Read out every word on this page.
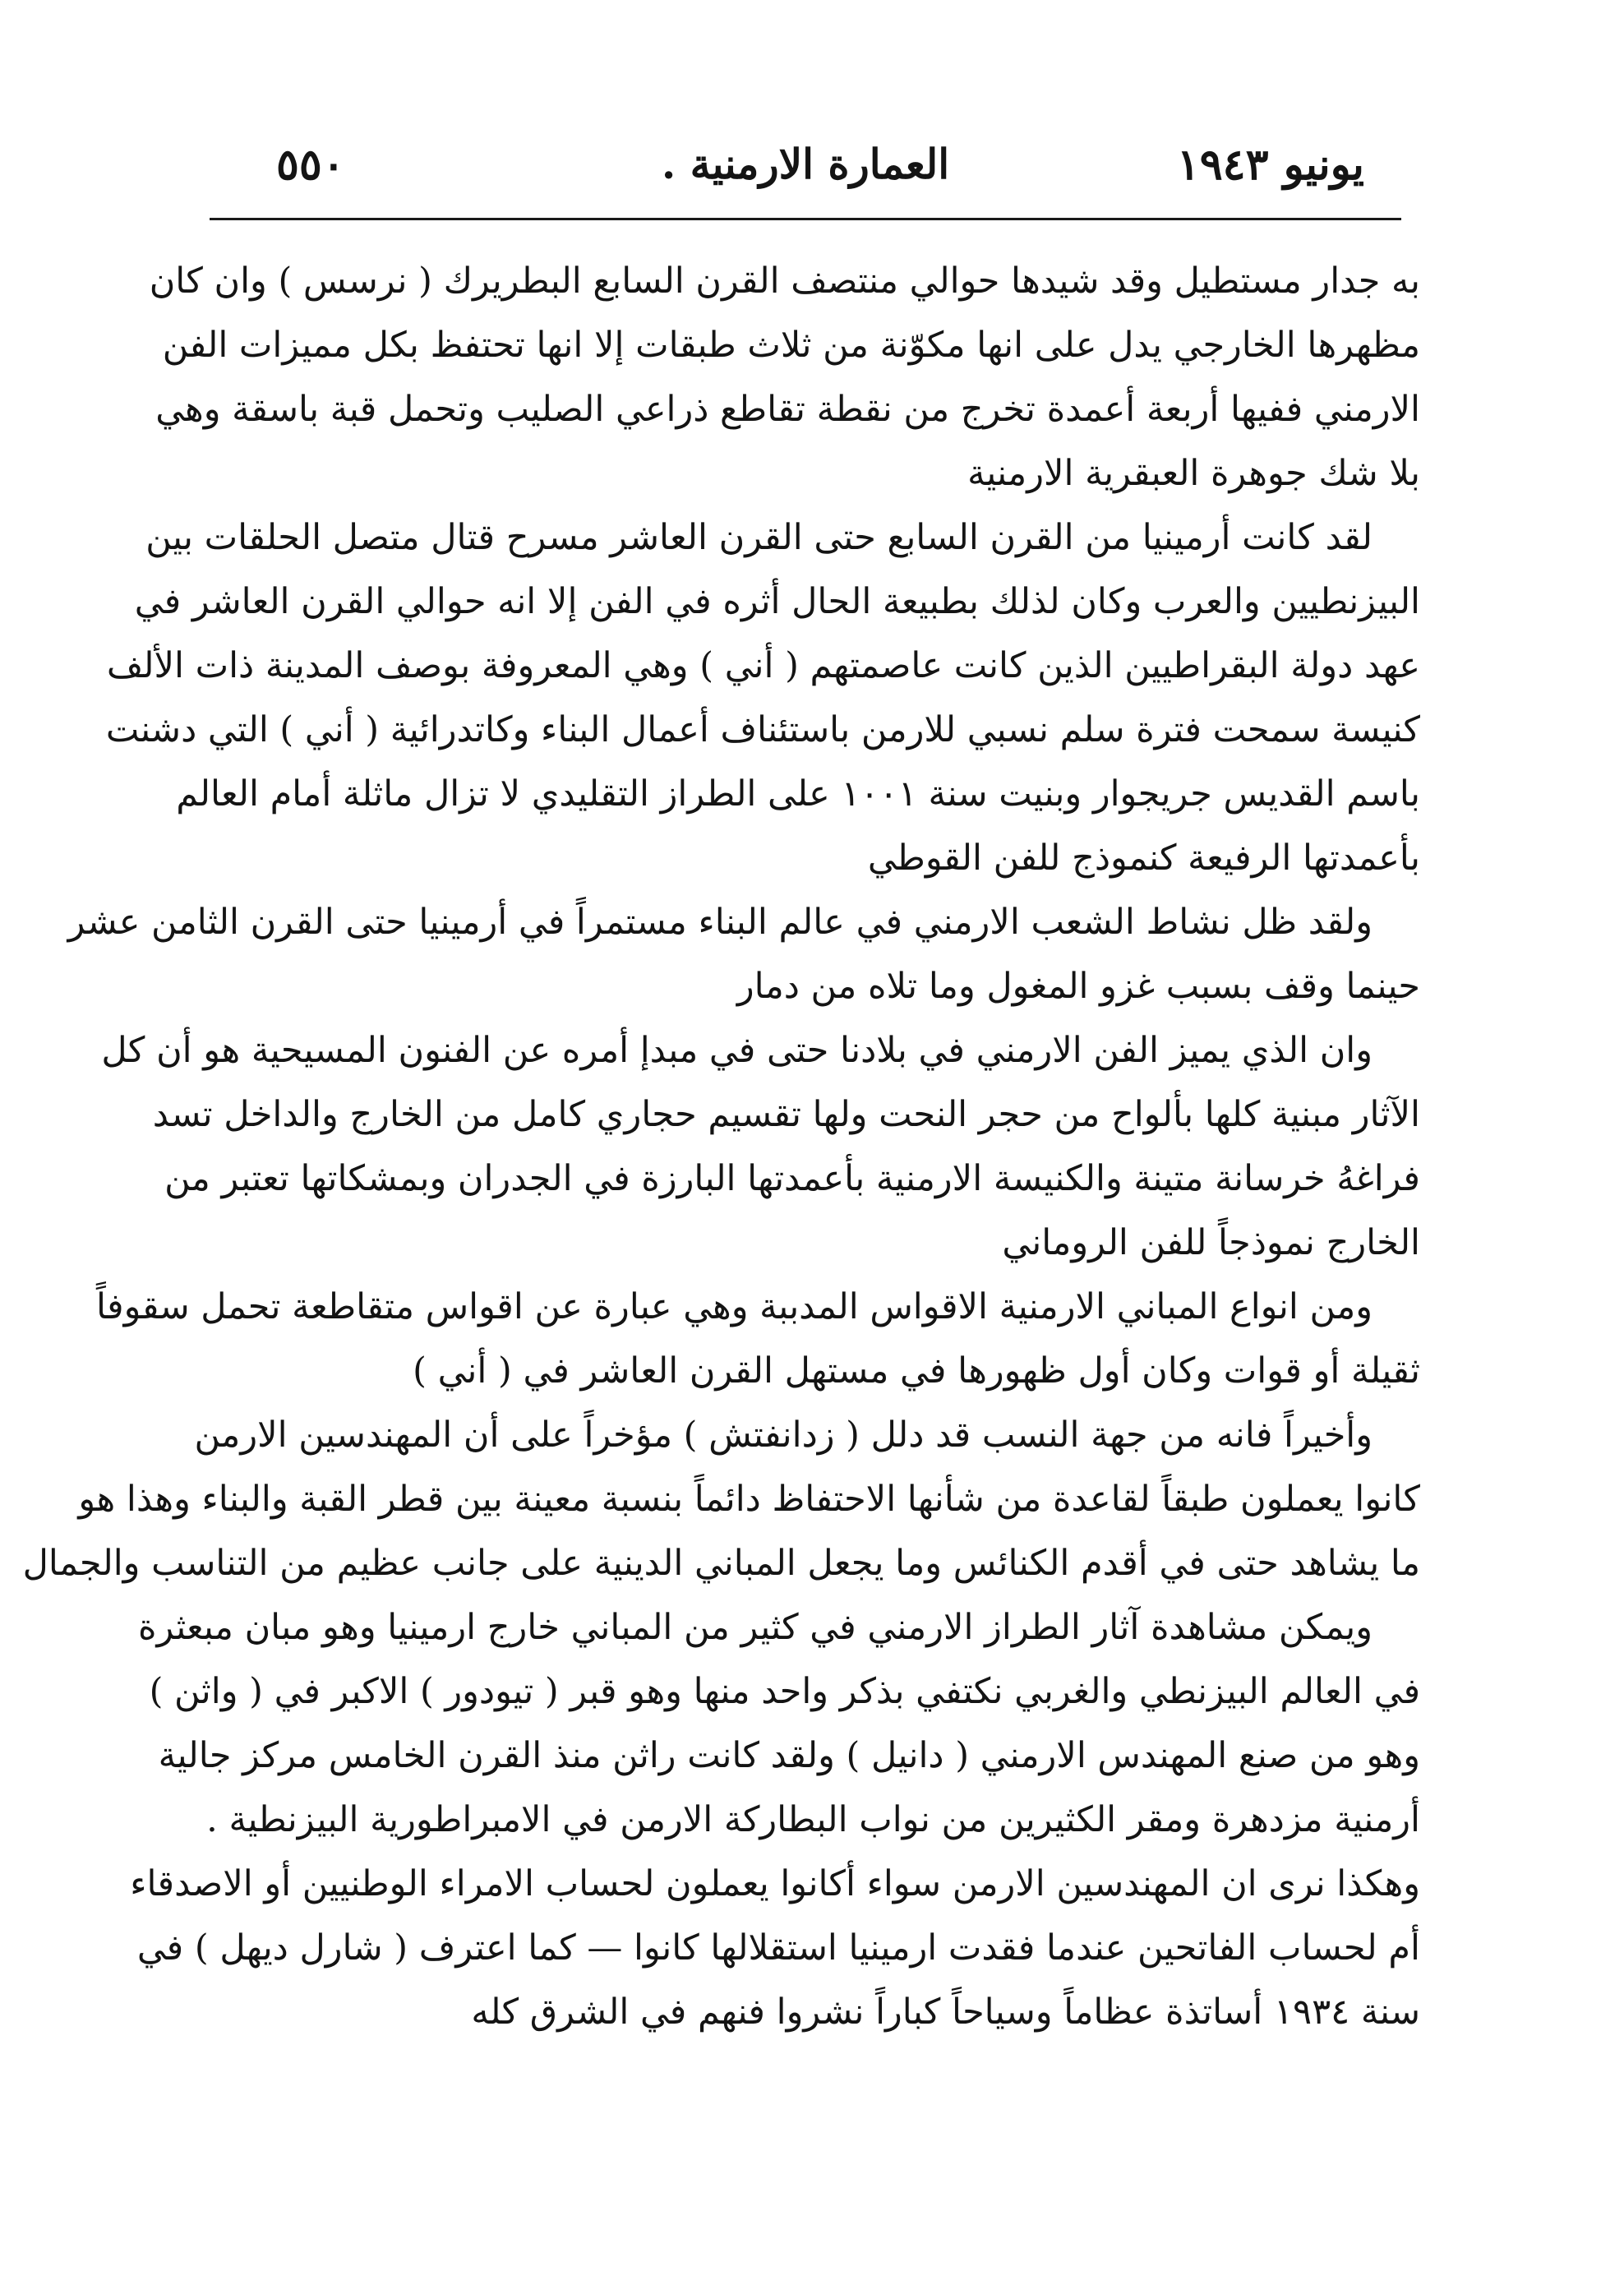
يونيو ١٩٤٣
العمارة الارمنية .
٥٥٠
به جدار مستطيل وقد شيدها حوالي منتصف القرن السابع البطريرك ( نرسس ) وان كان
مظهرها الخارجي يدل على انها مكوّنة من ثلاث طبقات إلا انها تحتفظ بكل مميزات الفن
الارمني ففيها أربعة أعمدة تخرج من نقطة تقاطع ذراعي الصليب وتحمل قبة باسقة وهي
بلا شك جوهرة العبقرية الارمنية
لقد كانت أرمينيا من القرن السابع حتى القرن العاشر مسرح قتال متصل الحلقات بين
البيزنطيين والعرب وكان لذلك بطبيعة الحال أثره في الفن إلا انه حوالي القرن العاشر في
عهد دولة البقراطيين الذين كانت عاصمتهم ( أني ) وهي المعروفة بوصف المدينة ذات الألف
كنيسة سمحت فترة سلم نسبي للارمن باستئناف أعمال البناء وكاتدرائية ( أني ) التي دشنت
باسم القديس جريجوار وبنيت سنة ١٠٠١ على الطراز التقليدي لا تزال ماثلة أمام العالم
بأعمدتها الرفيعة كنموذج للفن القوطي
ولقد ظل نشاط الشعب الارمني في عالم البناء مستمراً في أرمينيا حتى القرن الثامن عشر
حينما وقف بسبب غزو المغول وما تلاه من دمار
وان الذي يميز الفن الارمني في بلادنا حتى في مبدإ أمره عن الفنون المسيحية هو أن كل
الآثار مبنية كلها بألواح من حجر النحت ولها تقسيم حجاري كامل من الخارج والداخل تسد
فراغهُ خرسانة متينة والكنيسة الارمنية بأعمدتها البارزة في الجدران وبمشكاتها تعتبر من
الخارج نموذجاً للفن الروماني
ومن انواع المباني الارمنية الاقواس المدببة وهي عبارة عن اقواس متقاطعة تحمل سقوفاً
ثقيلة أو قوات وكان أول ظهورها في مستهل القرن العاشر في ( أني )
وأخيراً فانه من جهة النسب قد دلل ( زدانفتش ) مؤخراً على أن المهندسين الارمن
كانوا يعملون طبقاً لقاعدة من شأنها الاحتفاظ دائماً بنسبة معينة بين قطر القبة والبناء وهذا هو
ما يشاهد حتى في أقدم الكنائس وما يجعل المباني الدينية على جانب عظيم من التناسب والجمال
ويمكن مشاهدة آثار الطراز الارمني في كثير من المباني خارج ارمينيا وهو مبان مبعثرة
في العالم البيزنطي والغربي نكتفي بذكر واحد منها وهو قبر ( تيودور ) الاكبر في ( واثن )
وهو من صنع المهندس الارمني ( دانيل ) ولقد كانت راثن منذ القرن الخامس مركز جالية
أرمنية مزدهرة ومقر الكثيرين من نواب البطاركة الارمن في الامبراطورية البيزنطية .
وهكذا نرى ان المهندسين الارمن سواء أكانوا يعملون لحساب الامراء الوطنيين أو الاصدقاء
أم لحساب الفاتحين عندما فقدت ارمينيا استقلالها كانوا — كما اعترف ( شارل ديهل ) في
سنة ١٩٣٤ أساتذة عظاماً وسياحاً كباراً نشروا فنهم في الشرق كله
